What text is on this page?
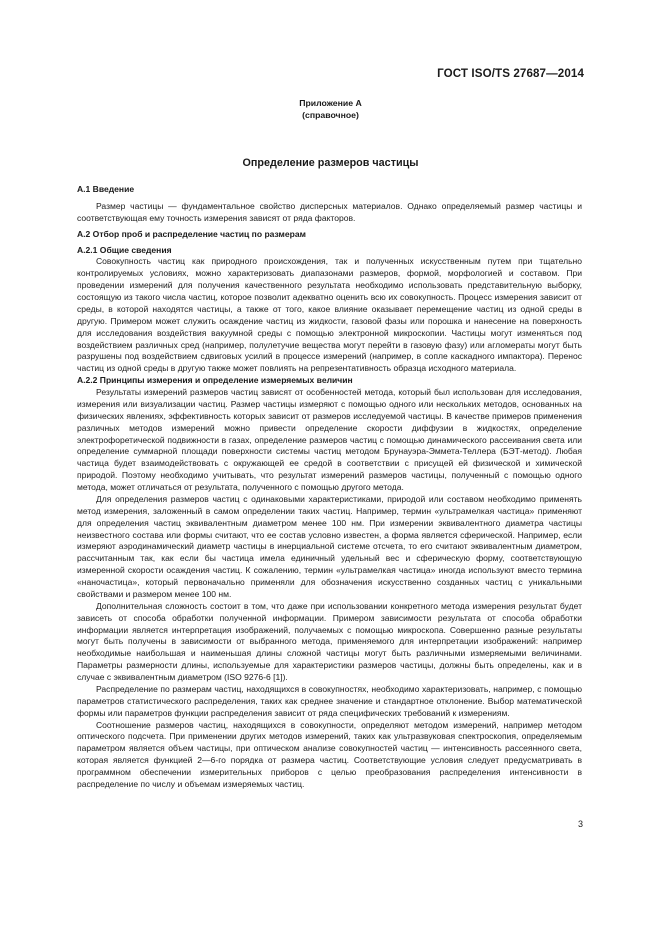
ГОСТ ISO/TS 27687—2014
Приложение А
(справочное)
Определение размеров частицы
А.1 Введение

Размер частицы — фундаментальное свойство дисперсных материалов. Однако определяемый размер частицы и соответствующая ему точность измерения зависят от ряда факторов.

А.2 Отбор проб и распределение частиц по размерам
А.2.1 Общие сведения

Совокупность частиц как природного происхождения, так и полученных искусственным путем при тщательно контролируемых условиях, можно характеризовать диапазонами размеров, формой, морфологией и составом. При проведении измерений для получения качественного результата необходимо использовать представительную выборку, состоящую из такого числа частиц, которое позволит адекватно оценить всю их совокупность. Процесс измерения зависит от среды, в которой находятся частицы, а также от того, какое влияние оказывает перемещение частиц из одной среды в другую. Примером может служить осаждение частиц из жидкости, газовой фазы или порошка и нанесение на поверхность для исследования воздействия вакуумной среды с помощью электронной микроскопии. Частицы могут изменяться под воздействием различных сред (например, полулетучие вещества могут перейти в газовую фазу) или агломераты могут быть разрушены под воздействием сдвиговых усилий в процессе измерений (например, в сопле каскадного импактора). Перенос частиц из одной среды в другую также может повлиять на репрезентативность образца исходного материала.

А.2.2 Принципы измерения и определение измеряемых величин

Результаты измерений размеров частиц зависят от особенностей метода, который был использован для исследования, измерения или визуализации частиц. Размер частицы измеряют с помощью одного или нескольких методов, основанных на физических явлениях, эффективность которых зависит от размеров исследуемой частицы. В качестве примеров применения различных методов измерений можно привести определение скорости диффузии в жидкостях, определение электрофоретической подвижности в газах, определение размеров частиц с помощью динамического рассеивания света или определение суммарной площади поверхности системы частиц методом Брунауэра-Эммета-Теллера (БЭТ-метод). Любая частица будет взаимодействовать с окружающей ее средой в соответствии с присущей ей физической и химической природой. Поэтому необходимо учитывать, что результат измерений размеров частицы, полученный с помощью одного метода, может отличаться от результата, полученного с помощью другого метода.

Для определения размеров частиц с одинаковыми характеристиками, природой или составом необходимо применять метод измерения, заложенный в самом определении таких частиц. Например, термин «ультрамелкая частица» применяют для определения частиц эквивалентным диаметром менее 100 нм. При измерении эквивалентного диаметра частицы неизвестного состава или формы считают, что ее состав условно известен, а форма является сферической. Например, если измеряют аэродинамический диаметр частицы в инерциальной системе отсчета, то его считают эквивалентным диаметром, рассчитанным так, как если бы частица имела единичный удельный вес и сферическую форму, соответствующую измеренной скорости осаждения частиц. К сожалению, термин «ультрамелкая частица» иногда используют вместо термина «наночастица», который первоначально применяли для обозначения искусственно созданных частиц с уникальными свойствами и размером менее 100 нм.

Дополнительная сложность состоит в том, что даже при использовании конкретного метода измерения результат будет зависеть от способа обработки полученной информации. Примером зависимости результата от способа обработки информации является интерпретация изображений, получаемых с помощью микроскопа. Совершенно разные результаты могут быть получены в зависимости от выбранного метода, применяемого для интерпретации изображений: например необходимые наибольшая и наименьшая длины сложной частицы могут быть различными измеряемыми величинами. Параметры размерности длины, используемые для характеристики размеров частицы, должны быть определены, как и в случае с эквивалентным диаметром (ISO 9276-6 [1]).

Распределение по размерам частиц, находящихся в совокупностях, необходимо характеризовать, например, с помощью параметров статистического распределения, таких как среднее значение и стандартное отклонение. Выбор математической формы или параметров функции распределения зависит от ряда специфических требований к измерениям.

Соотношение размеров частиц, находящихся в совокупности, определяют методом измерений, например методом оптического подсчета. При применении других методов измерений, таких как ультразвуковая спектроскопия, определяемым параметром является объем частицы, при оптическом анализе совокупностей частиц — интенсивность рассеянного света, которая является функцией 2—6-го порядка от размера частиц. Соответствующие условия следует предусматривать в программном обеспечении измерительных приборов с целью преобразования распределения интенсивности в распределение по числу и объемам измеряемых частиц.

3
